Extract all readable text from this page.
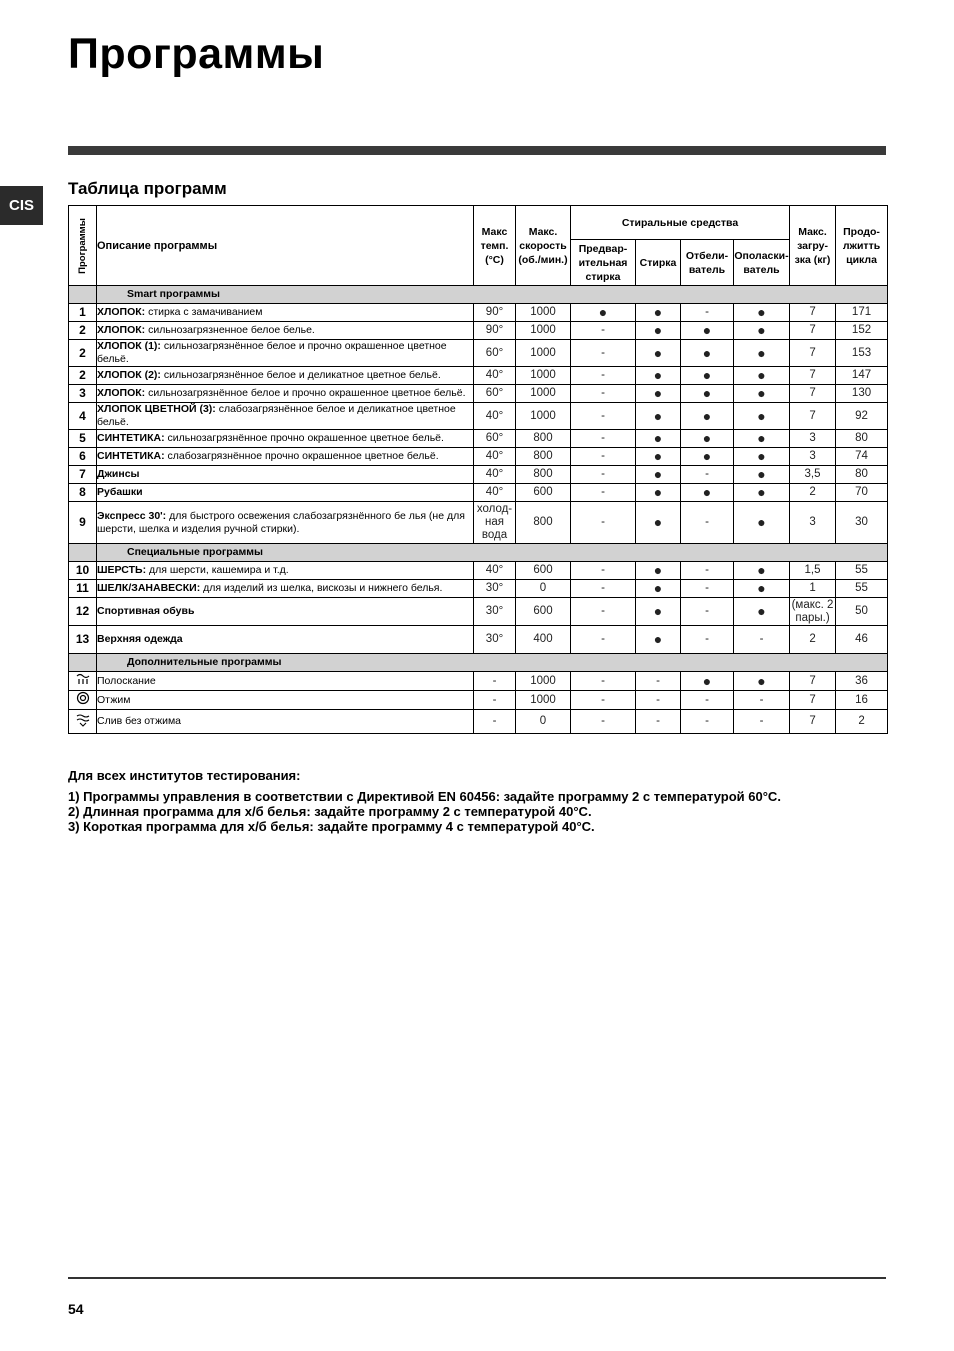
Программы
CIS
Таблица программ
Программы	Описание программы	Макс темп. (°C)	Макс. скорость (об./мин.)	Стиральные средства				Макс. загру- зка (кг)	Продо- лжитть цикла
				Предвар- ительная стирка	Стирка	Отбели- ватель	Ополаски- ватель		
	Smart программы								
1	ХЛОПОК: стирка с замачиванием	90°	1000	●	●	-	●	7	171
2	ХЛОПОК: сильнозагрязненное белое белье.	90°	1000	-	●	●	●	7	152
2	ХЛОПОК (1): сильнозагрязнённое белое и прочно окрашенное цветное бельё.	60°	1000	-	●	●	●	7	153
2	ХЛОПОК (2): сильнозагрязнённое белое и деликатное цветное бельё.	40°	1000	-	●	●	●	7	147
3	ХЛОПОК: сильнозагрязнённое белое и прочно окрашенное цветное бельё.	60°	1000	-	●	●	●	7	130
4	ХЛОПОК ЦВЕТНОЙ (3): слабозагрязнённое белое и деликатное цветное бельё.	40°	1000	-	●	●	●	7	92
5	СИНТЕТИКА: сильнозагрязнённое прочно окрашенное цветное бельё.	60°	800	-	●	●	●	3	80
6	СИНТЕТИКА: слабозагрязнённое прочно окрашенное цветное бельё.	40°	800	-	●	●	●	3	74
7	Джинсы	40°	800	-	●	-	●	3,5	80
8	Рубашки	40°	600	-	●	●	●	2	70
9	Экспресс 30': для быстрого освежения слабозагрязнённого бе лья (не для шерсти, шелка и изделия ручной стирки).	холод- ная вода	800	-	●	-	●	3	30
	Специальные программы								
10	ШЕРСТЬ: для шерсти, кашемира и т.д.	40°	600	-	●	-	●	1,5	55
11	ШЕЛК/ЗАНАВЕСКИ: для изделий из шелка, вискозы и нижнего белья.	30°	0	-	●	-	●	1	55
12	Спортивная обувь	30°	600	-	●	-	●	(макс. 2 пары.)	50
13	Верхняя одежда	30°	400	-	●	-	-	2	46
	Дополнительные программы								
	Полоскание	-	1000	-	-	●	●	7	36
	Отжим	-	1000	-	-	-	-	7	16
	Слив без отжима	-	0	-	-	-	-	7	2

Для всех институтов тестирования:

1) Программы управления в соответствии с Директивой EN 60456: задайте программу 2 с температурой 60°C.

2) Длинная программа для х/б белья: задайте программу 2 с температурой 40°C.

3) Короткая программа для х/б белья: задайте программу 4 с температурой 40°C.

54
